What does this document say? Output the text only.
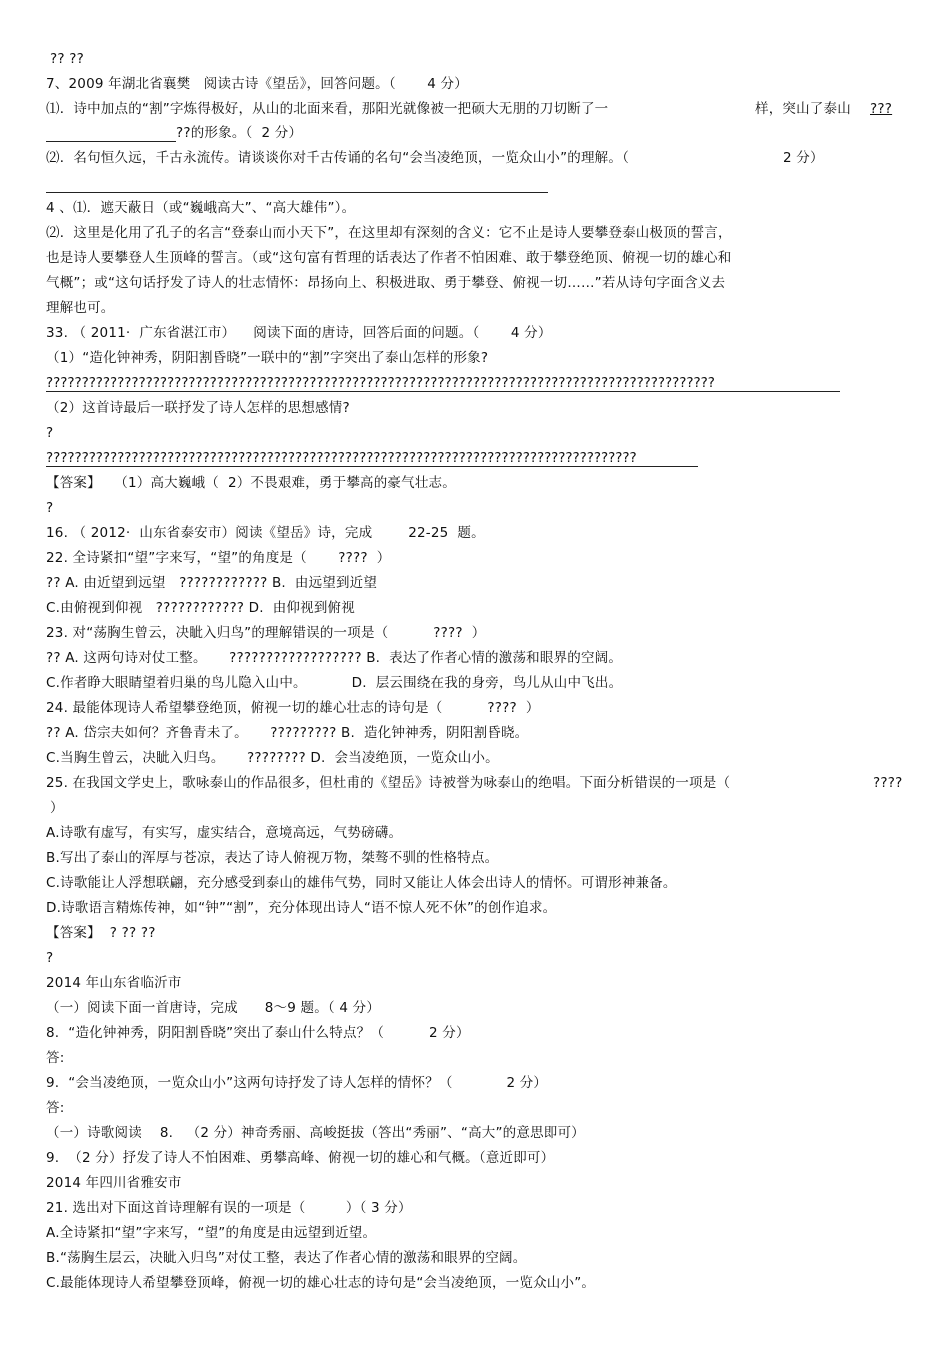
?? ??
7、2009 年湖北省襄樊   阅读古诗《望岳》，回答问题。（       4 分）
⑴．诗中加点的“割”字炼得极好，从山的北面来看，那阳光就像被一把硕大无朋的刀切断了一	样，突山了泰山 ???
??的形象。（  2 分）
⑵．名句恒久远，千古永流传。请谈谈你对千古传诵的名句“会当凌绝顶，一览众山小”的理解。（	2 分）
4 、⑴．遮天蔽日（或“巍峨高大”、“高大雄伟”）。
⑵．这里是化用了孔子的名言“登泰山而小天下”，在这里却有深刻的含义：它不止是诗人要攀登泰山极顶的誓言，
也是诗人要攀登人生顶峰的誓言。（或“这句富有哲理的话表达了作者不怕困难、敢于攀登绝顶、俯视一切的雄心和
气概”；或“这句话抒发了诗人的壮志情怀：昂扬向上、积极进取、勇于攀登、俯视一切……”若从诗句字面含义去
理解也可。
33. （ 2011·  广东省湛江市）    阅读下面的唐诗，回答后面的问题。（       4 分）
（1）“造化钟神秀，阴阳割昏晓”一联中的“割”字突出了泰山怎样的形象?
??????????????????????????????????????????????????????????????????????????????????????????????
（2）这首诗最后一联抒发了诗人怎样的思想感情?
?
???????????????????????????????????????????????????????????????????????????????????
【答案】   （1）高大巍峨（  2）不畏艰难，勇于攀高的豪气壮志。
?
16. （ 2012·  山东省泰安市）阅读《望岳》诗，完成        22-25  题。
22. 全诗紧扣“望”字来写，“望”的角度是（       ????  ）
?? A. 由近望到远望   ???????????? B.  由远望到近望
C.由俯视到仰视   ???????????? D.  由仰视到俯视
23. 对“荡胸生曾云，决眦入归鸟”的理解错误的一项是（          ????  ）
?? A. 这两句诗对仗工整。     ?????????????????? B.  表达了作者心情的激荡和眼界的空阔。
C.作者睁大眼睛望着归巢的鸟儿隐入山中。          D.  层云围绕在我的身旁，鸟儿从山中飞出。
24. 最能体现诗人希望攀登绝顶，俯视一切的雄心壮志的诗句是（          ????  ）
?? A. 岱宗夫如何？齐鲁青未了。     ????????? B.  造化钟神秀，阴阳割昏晓。
C.当胸生曾云，决眦入归鸟。     ???????? D.  会当凌绝顶，一览众山小。
25. 在我国文学史上，歌咏泰山的作品很多，但杜甫的《望岳》诗被誉为咏泰山的绝唱。下面分析错误的一项是（	????
）
A.诗歌有虚写，有实写，虚实结合，意境高远，气势磅礴。
B.写出了泰山的浑厚与苍凉，表达了诗人俯视万物，桀骜不驯的性格特点。
C.诗歌能让人浮想联翩，充分感受到泰山的雄伟气势，同时又能让人体会出诗人的情怀。可谓形神兼备。
D.诗歌语言精炼传神，如“钟”“割”，充分体现出诗人“语不惊人死不休”的创作追求。
【答案】  ? ?? ??
?
2014 年山东省临沂市
（一）阅读下面一首唐诗，完成      8～9 题。（ 4 分）
8.  “造化钟神秀，阴阳割昏晓”突出了泰山什么特点？（          2 分）
答:
9.  “会当凌绝顶，一览众山小”这两句诗抒发了诗人怎样的情怀？（            2 分）
答:
（一）诗歌阅读    8.   （2 分）神奇秀丽、高峻挺拔（答出“秀丽”、“高大”的意思即可）
9.  （2 分）抒发了诗人不怕困难、勇攀高峰、俯视一切的雄心和气概。（意近即可）
2014 年四川省雅安市
21. 选出对下面这首诗理解有误的一项是（         ）（ 3 分）
A.全诗紧扣“望”字来写，“望”的角度是由远望到近望。
B.“荡胸生层云，决眦入归鸟”对仗工整，表达了作者心情的激荡和眼界的空阔。
C.最能体现诗人希望攀登顶峰，俯视一切的雄心壮志的诗句是“会当凌绝顶，一览众山小”。
